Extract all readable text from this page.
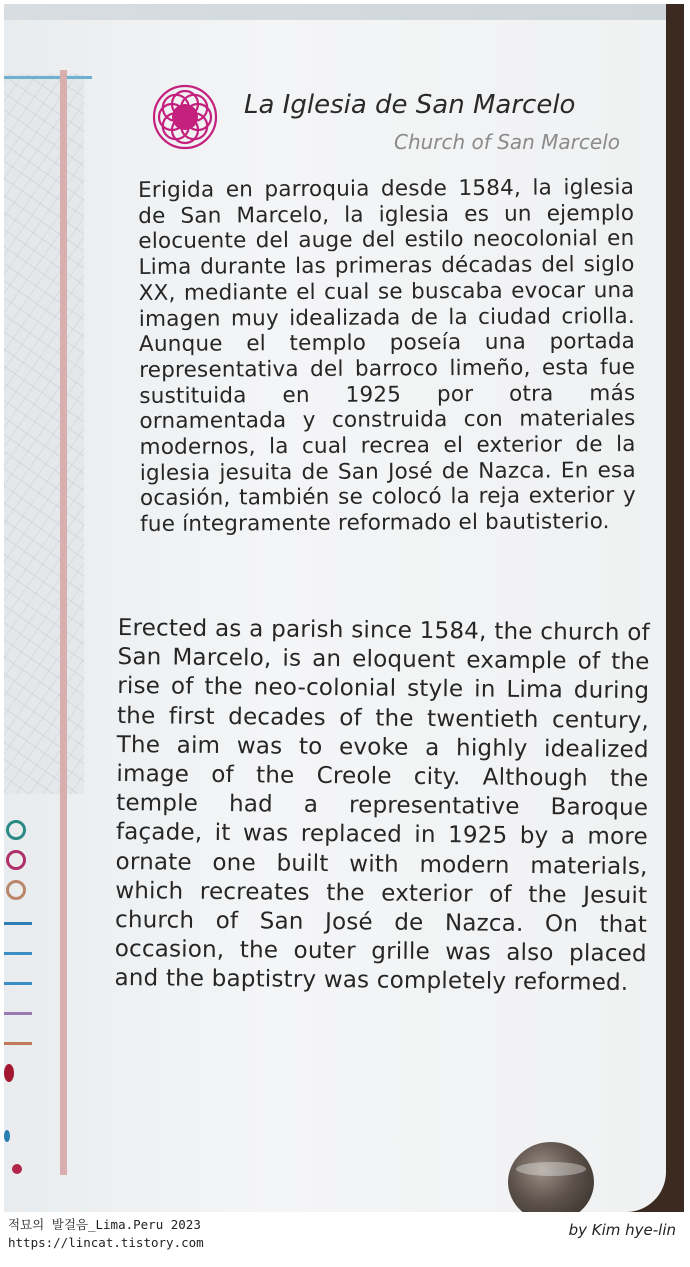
La Iglesia de San Marcelo
Church of San Marcelo

Erigida en parroquia desde 1584, la iglesia de San Marcelo, la iglesia es un ejemplo elocuente del auge del estilo neocolonial en Lima durante las primeras décadas del siglo XX, mediante el cual se buscaba evocar una imagen muy idealizada de la ciudad criolla. Aunque el templo poseía una portada representativa del barroco limeño, esta fue sustituida en 1925 por otra más ornamentada y construida con materiales modernos, la cual recrea el exterior de la iglesia jesuita de San José de Nazca. En esa ocasión, también se colocó la reja exterior y fue íntegramente reformado el bautisterio.

Erected as a parish since 1584, the church of San Marcelo, is an eloquent example of the rise of the neo-colonial style in Lima during the first decades of the twentieth century, The aim was to evoke a highly idealized image of the Creole city. Although the temple had a representative Baroque façade, it was replaced in 1925 by a more ornate one built with modern materials, which recreates the exterior of the Jesuit church of San José de Nazca. On that occasion, the outer grille was also placed and the baptistry was completely reformed.

적묘의 발걸음_Lima.Peru 2023
https://lincat.tistory.com
by Kim hye-lin
